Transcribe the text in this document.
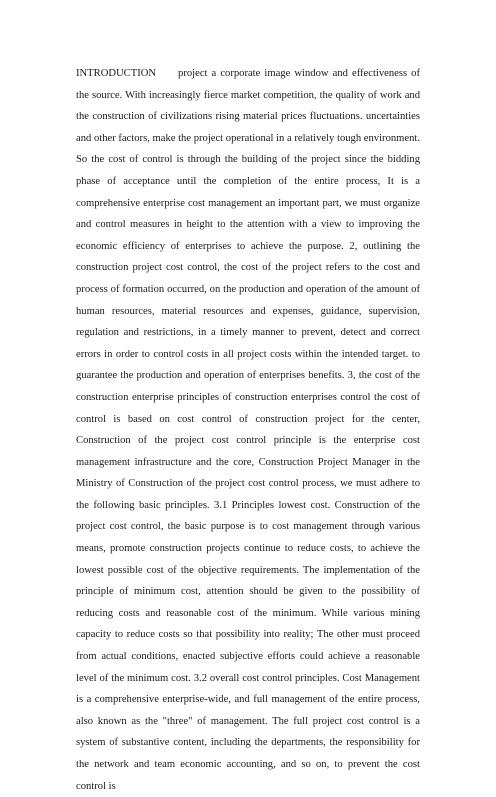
INTRODUCTION project a corporate image window and effectiveness of the source. With increasingly fierce market competition, the quality of work and the construction of civilizations rising material prices fluctuations. uncertainties and other factors, make the project operational in a relatively tough environment. So the cost of control is through the building of the project since the bidding phase of acceptance until the completion of the entire process, It is a comprehensive enterprise cost management an important part, we must organize and control measures in height to the attention with a view to improving the economic efficiency of enterprises to achieve the purpose. 2, outlining the construction project cost control, the cost of the project refers to the cost and process of formation occurred, on the production and operation of the amount of human resources, material resources and expenses, guidance, supervision, regulation and restrictions, in a timely manner to prevent, detect and correct errors in order to control costs in all project costs within the intended target. to guarantee the production and operation of enterprises benefits. 3, the cost of the construction enterprise principles of construction enterprises control the cost of control is based on cost control of construction project for the center, Construction of the project cost control principle is the enterprise cost management infrastructure and the core, Construction Project Manager in the Ministry of Construction of the project cost control process, we must adhere to the following basic principles. 3.1 Principles lowest cost. Construction of the project cost control, the basic purpose is to cost management through various means, promote construction projects continue to reduce costs, to achieve the lowest possible cost of the objective requirements. The implementation of the principle of minimum cost, attention should be given to the possibility of reducing costs and reasonable cost of the minimum. While various mining capacity to reduce costs so that possibility into reality; The other must proceed from actual conditions, enacted subjective efforts could achieve a reasonable level of the minimum cost. 3.2 overall cost control principles. Cost Management is a comprehensive enterprise-wide, and full management of the entire process, also known as the "three" of management. The full project cost control is a system of substantive content, including the departments, the responsibility for the network and team economic accounting, and so on, to prevent the cost control is
